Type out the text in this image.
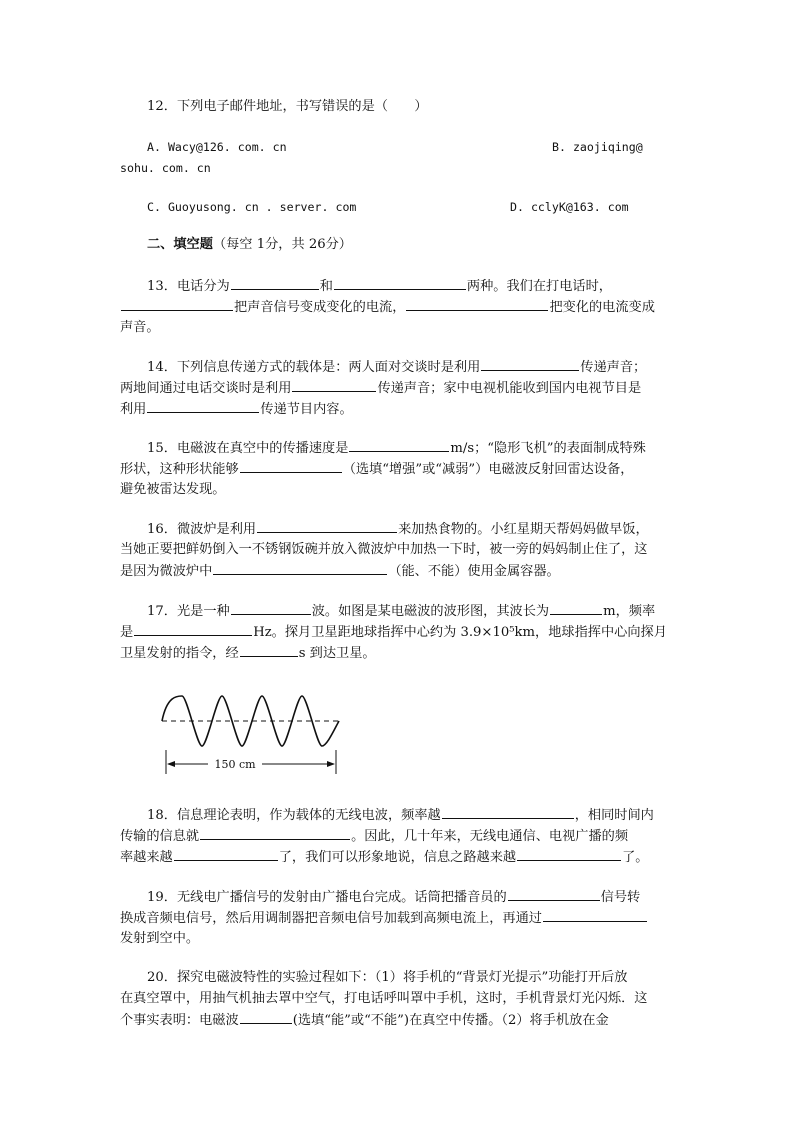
12．下列电子邮件地址，书写错误的是（　　）
A. Wacy@126. com. cn	B. zaojiqing@
sohu. com. cn
C. Guoyusong. cn . server. com	D. cclyK@163. com
二、填空题（每空 1分，共 26分）
13．电话分为	和	两种。我们在打电话时，
把声音信号变成变化的电流，	把变化的电流变成
声音。
14．下列信息传递方式的载体是：两人面对交谈时是利用	传递声音；
两地间通过电话交谈时是利用	传递声音；家中电视机能收到国内电视节目是
利用	传递节目内容。
15．电磁波在真空中的传播速度是	m/s；“隐形飞机”的表面制成特殊
形状，这种形状能够	（选填“增强”或“减弱”）电磁波反射回雷达设备，
避免被雷达发现。
16．微波炉是利用	来加热食物的。小红星期天帮妈妈做早饭，
当她正要把鲜奶倒入一不锈钢饭碗并放入微波炉中加热一下时，被一旁的妈妈制止住了，这
是因为微波炉中	（能、不能）使用金属容器。
17．光是一种	波。如图是某电磁波的波形图，其波长为	m，频率
是	Hz。探月卫星距地球指挥中心约为 3.9×10⁵km，地球指挥中心向探月
卫星发射的指令，经	s 到达卫星。
150 cm
18．信息理论表明，作为载体的无线电波，频率越	，相同时间内
传输的信息就	。因此，几十年来，无线电通信、电视广播的频
率越来越	了，我们可以形象地说，信息之路越来越	了。
19．无线电广播信号的发射由广播电台完成。话筒把播音员的	信号转
换成音频电信号，然后用调制器把音频电信号加载到高频电流上，再通过
发射到空中。
20．探究电磁波特性的实验过程如下：（1）将手机的“背景灯光提示”功能打开后放
在真空罩中，用抽气机抽去罩中空气，打电话呼叫罩中手机，这时，手机背景灯光闪烁．这
个事实表明：电磁波	(选填“能”或“不能”)在真空中传播。（2）将手机放在金
